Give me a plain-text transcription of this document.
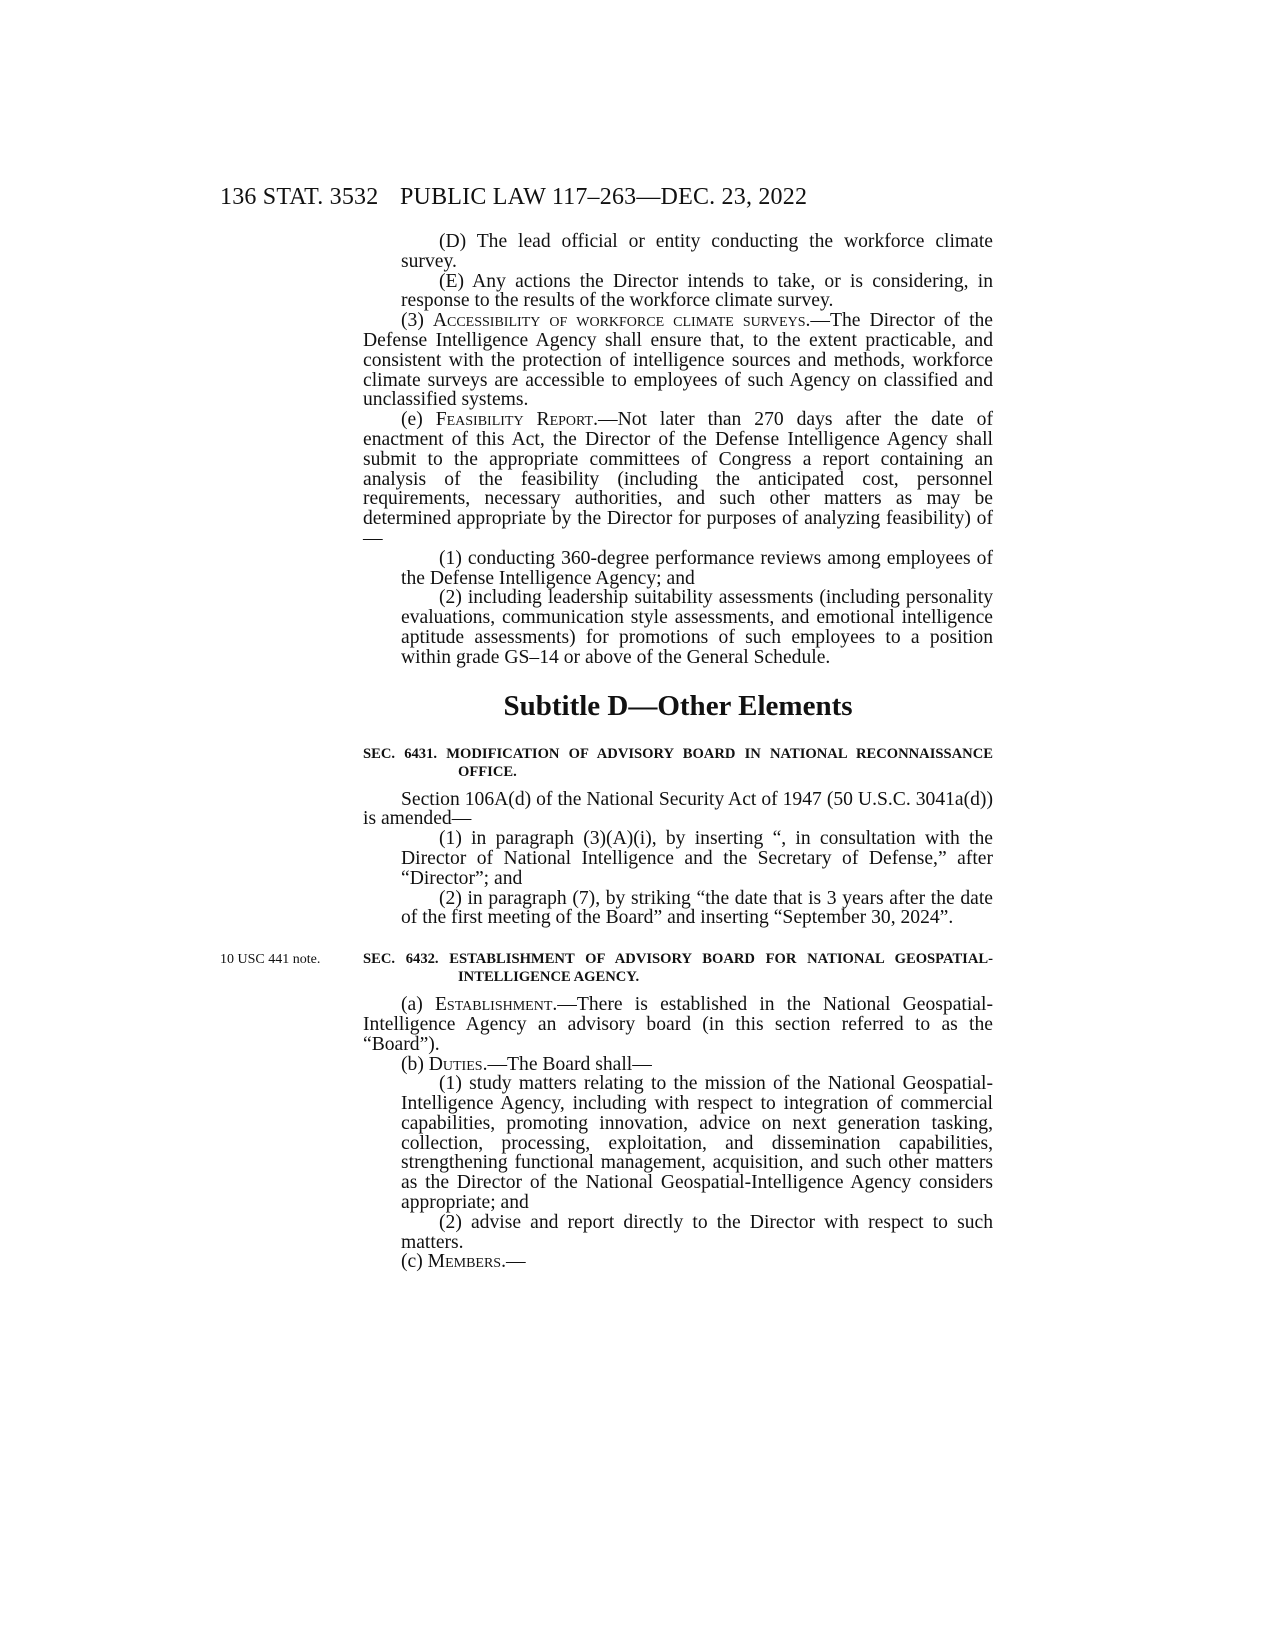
136 STAT. 3532 PUBLIC LAW 117–263—DEC. 23, 2022

(D) The lead official or entity conducting the workforce climate survey.

(E) Any actions the Director intends to take, or is considering, in response to the results of the workforce climate survey.

(3) Accessibility of workforce climate surveys.—The Director of the Defense Intelligence Agency shall ensure that, to the extent practicable, and consistent with the protection of intelligence sources and methods, workforce climate surveys are accessible to employees of such Agency on classified and unclassified systems.

(e) Feasibility Report.—Not later than 270 days after the date of enactment of this Act, the Director of the Defense Intelligence Agency shall submit to the appropriate committees of Congress a report containing an analysis of the feasibility (including the anticipated cost, personnel requirements, necessary authorities, and such other matters as may be determined appropriate by the Director for purposes of analyzing feasibility) of—

(1) conducting 360-degree performance reviews among employees of the Defense Intelligence Agency; and

(2) including leadership suitability assessments (including personality evaluations, communication style assessments, and emotional intelligence aptitude assessments) for promotions of such employees to a position within grade GS–14 or above of the General Schedule.

Subtitle D—Other Elements
SEC. 6431. MODIFICATION OF ADVISORY BOARD IN NATIONAL RECONNAISSANCE OFFICE.

Section 106A(d) of the National Security Act of 1947 (50 U.S.C. 3041a(d)) is amended—

(1) in paragraph (3)(A)(i), by inserting “, in consultation with the Director of National Intelligence and the Secretary of Defense,” after “Director”; and

(2) in paragraph (7), by striking “the date that is 3 years after the date of the first meeting of the Board” and inserting “September 30, 2024”.

10 USC 441 note.	SEC. 6432. ESTABLISHMENT OF ADVISORY BOARD FOR NATIONAL GEOSPATIAL-INTELLIGENCE AGENCY.

(a) Establishment.—There is established in the National Geospatial-Intelligence Agency an advisory board (in this section referred to as the “Board”).

(b) Duties.—The Board shall—

(1) study matters relating to the mission of the National Geospatial-Intelligence Agency, including with respect to integration of commercial capabilities, promoting innovation, advice on next generation tasking, collection, processing, exploitation, and dissemination capabilities, strengthening functional management, acquisition, and such other matters as the Director of the National Geospatial-Intelligence Agency considers appropriate; and

(2) advise and report directly to the Director with respect to such matters.

(c) Members.—
